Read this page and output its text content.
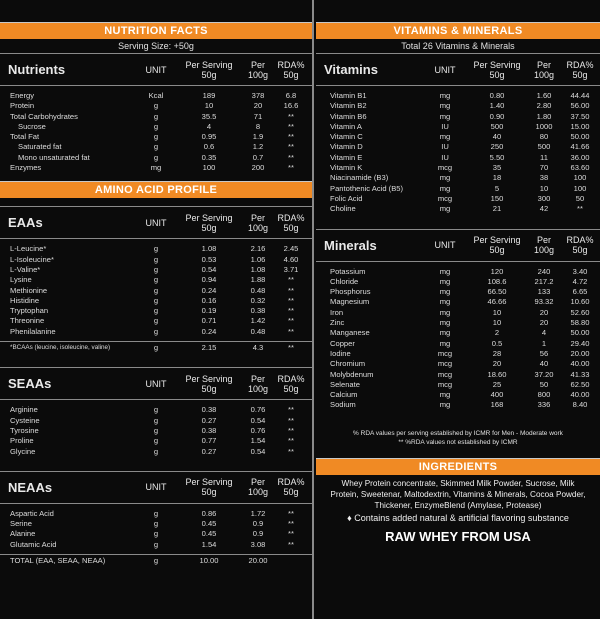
NUTRITION FACTS
Serving Size: +50g
Nutrients	UNIT	Per Serving 50g
Per 100g
RDA% 50g
Energy	Kcal	189	378	6.8
Protein	g	10	20	16.6
Total Carbohydrates	g	35.5	71	**
Sucrose	g	4	8	**
Total Fat	g	0.95	1.9	**
Saturated fat	g	0.6	1.2	**
Mono unsaturated fat	g	0.35	0.7	**
Enzymes	mg	100	200	**
AMINO ACID PROFILE
EAAs	UNIT	Per Serving 50g
Per 100g
RDA% 50g
L-Leucine*	g	1.08	2.16	2.45
L-Isoleucine*	g	0.53	1.06	4.60
L-Valine*	g	0.54	1.08	3.71
Lysine	g	0.94	1.88	**
Methionine	g	0.24	0.48	**
Histidine	g	0.16	0.32	**
Tryptophan	g	0.19	0.38	**
Threonine	g	0.71	1.42	**
Phenilalanine	g	0.24	0.48	**
*BCAAs (leucine, isoleucine, valine)	g	2.15	4.3	**
SEAAs	UNIT	Per Serving 50g
Per 100g
RDA% 50g
Arginine	g	0.38	0.76	**
Cysteine	g	0.27	0.54	**
Tyrosine	g	0.38	0.76	**
Proline	g	0.77	1.54	**
Glycine	g	0.27	0.54	**
NEAAs	UNIT	Per Serving 50g
Per 100g
RDA% 50g
Aspartic Acid	g	0.86	1.72	**
Serine	g	0.45	0.9	**
Alanine	g	0.45	0.9	**
Glutamic Acid	g	1.54	3.08	**
TOTAL (EAA, SEAA, NEAA)	g	10.00	20.00
VITAMINS & MINERALS
Total 26 Vitamins & Minerals
Vitamins	UNIT	Per Serving 50g
Per 100g
RDA% 50g
Vitamin B1	mg	0.80	1.60	44.44
Vitamin B2	mg	1.40	2.80	56.00
Vitamin B6	mg	0.90	1.80	37.50
Vitamin A	IU	500	1000	15.00
Vitamin C	mg	40	80	50.00
Vitamin D	IU	250	500	41.66
Vitamin E	IU	5.50	11	36.00
Vitamin K	mcg	35	70	63.60
Niacinamide (B3)	mg	18	38	100
Pantothenic Acid (B5)	mg	5	10	100
Folic Acid	mcg	150	300	50
Choline	mg	21	42	**
Minerals	UNIT	Per Serving 50g
Per 100g
RDA% 50g
Potassium	mg	120	240	3.40
Chloride	mg	108.6	217.2	4.72
Phosphorus	mg	66.50	133	6.65
Magnesium	mg	46.66	93.32	10.60
Iron	mg	10	20	52.60
Zinc	mg	10	20	58.80
Manganese	mg	2	4	50.00
Copper	mg	0.5	1	29.40
Iodine	mcg	28	56	20.00
Chromium	mcg	20	40	40.00
Molybdenum	mcg	18.60	37.20	41.33
Selenate	mcg	25	50	62.50
Calcium	mg	400	800	40.00
Sodium	mg	168	336	8.40
% RDA values per serving established by ICMR for Men - Moderate work
** %RDA values not established by ICMR
INGREDIENTS
Whey Protein concentrate, Skimmed Milk Powder, Sucrose, Milk Protein, Sweetenar, Maltodextrin, Vitamins & Minerals, Cocoa Powder, Thickener, EnzymeBlend (Amylase, Protease)
♦ Contains added natural & artificial flavoring substance
RAW WHEY FROM USA
